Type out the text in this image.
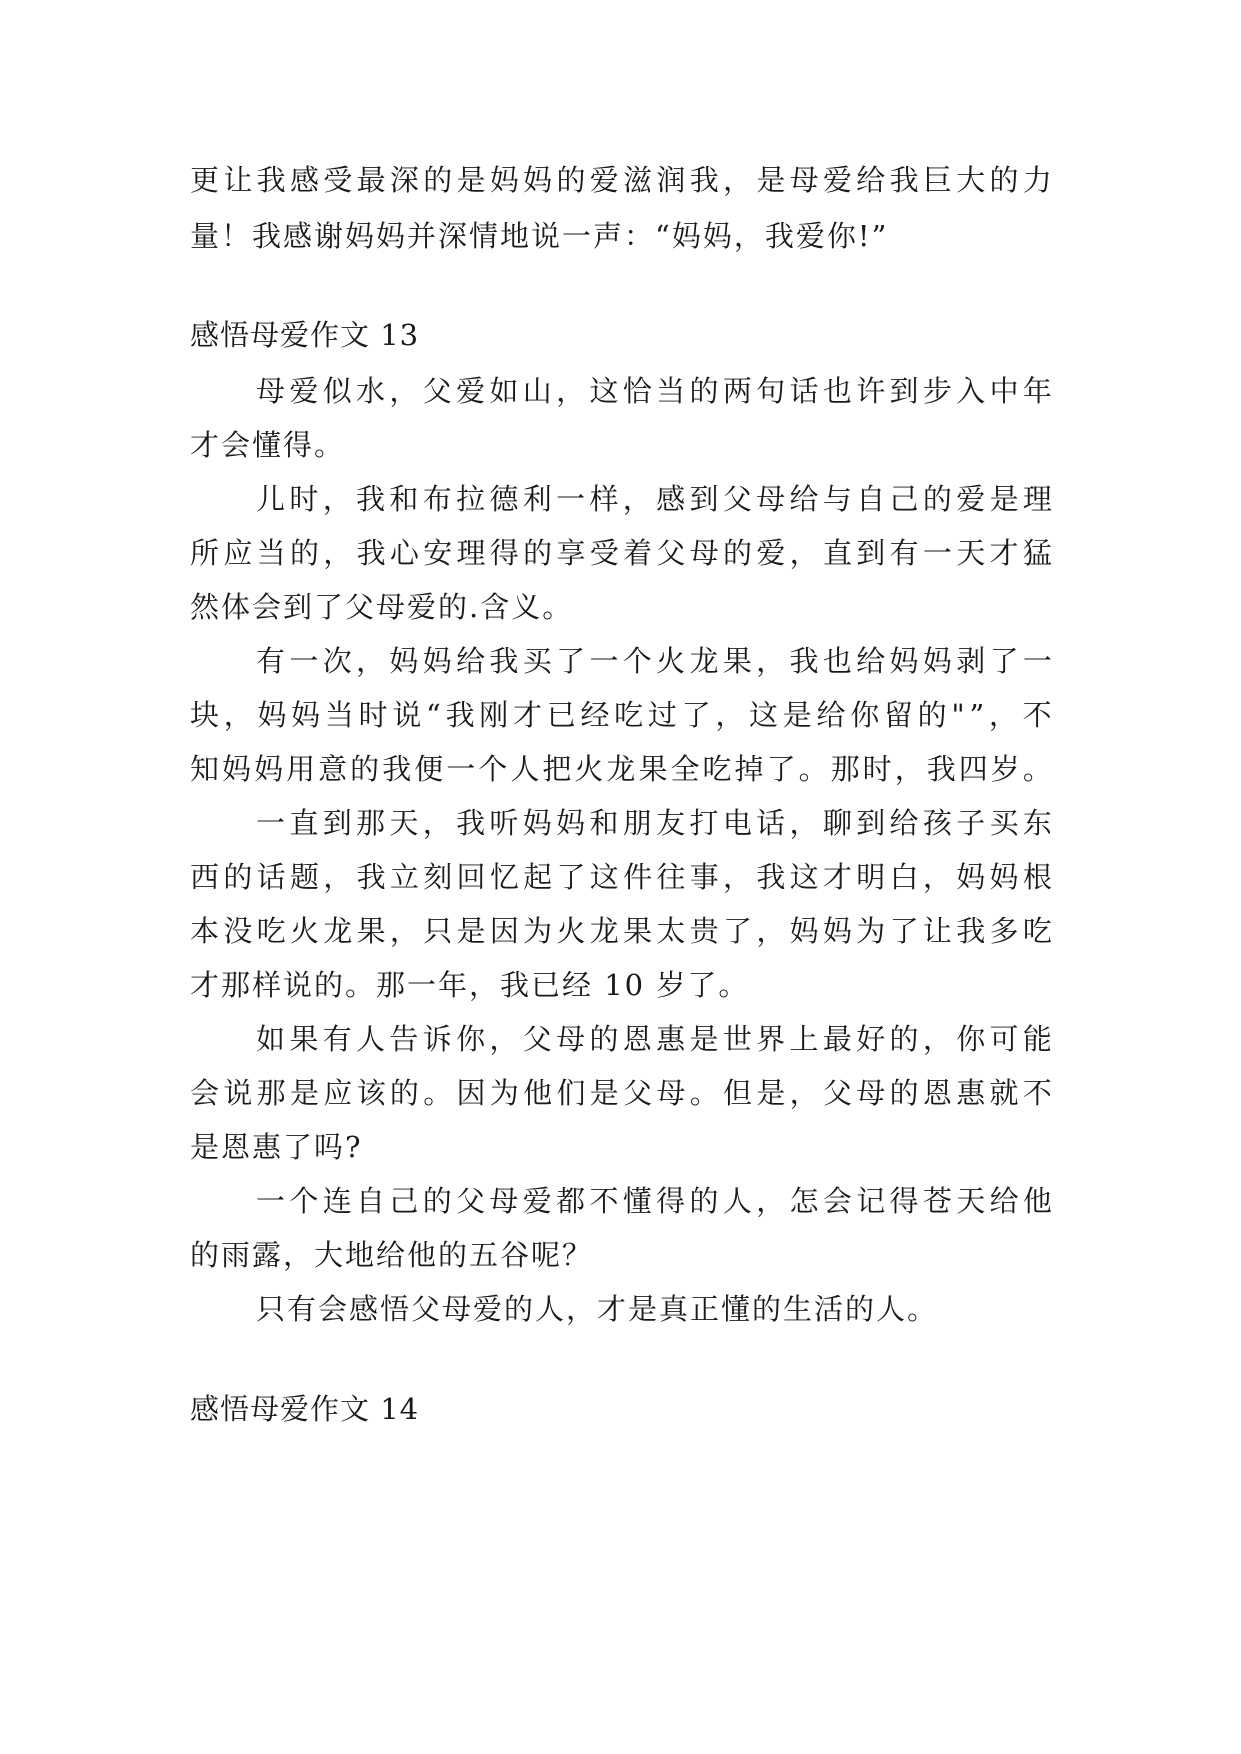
更 让 我 感 受 最 深 的 是 妈 妈 的 爱 滋 润 我 ， 是 母 爱 给 我 巨 大 的 力
量！我感谢妈妈并深情地说一声：“妈妈，我爱你!”
感悟母爱作文 13
母 爱 似 水 ， 父 爱 如 山 ， 这 恰 当 的 两 句 话 也 许 到 步 入 中 年
才会懂得。
儿 时 ， 我 和 布 拉 德 利 一 样 ， 感 到 父 母 给 与 自 己 的 爱 是 理
所 应 当 的 ， 我 心 安 理 得 的 享 受 着 父 母 的 爱 ， 直 到 有 一 天 才 猛
然体会到了父母爱的.含义。
有 一 次 ， 妈 妈 给 我 买 了 一 个 火 龙 果 ， 我 也 给 妈 妈 剥 了 一
块 ， 妈 妈 当 时 说 “ 我 刚 才 已 经 吃 过 了 ， 这 是 给 你 留 的 " ” ， 不
知 妈 妈 用 意 的 我 便 一 个 人 把 火 龙 果 全 吃 掉 了 。 那 时 ， 我 四 岁 。
一 直 到 那 天 ， 我 听 妈 妈 和 朋 友 打 电 话 ， 聊 到 给 孩 子 买 东
西 的 话 题 ， 我 立 刻 回 忆 起 了 这 件 往 事 ， 我 这 才 明 白 ， 妈 妈 根
本 没 吃 火 龙 果 ， 只 是 因 为 火 龙 果 太 贵 了 ， 妈 妈 为 了 让 我 多 吃
才那样说的。那一年，我已经 10 岁了。
如 果 有 人 告 诉 你 ， 父 母 的 恩 惠 是 世 界 上 最 好 的 ， 你 可 能
会 说 那 是 应 该 的 。 因 为 他 们 是 父 母 。 但 是 ， 父 母 的 恩 惠 就 不
是恩惠了吗?
一 个 连 自 己 的 父 母 爱 都 不 懂 得 的 人 ， 怎 会 记 得 苍 天 给 他
的雨露，大地给他的五谷呢？
只有会感悟父母爱的人，才是真正懂的生活的人。
感悟母爱作文 14
